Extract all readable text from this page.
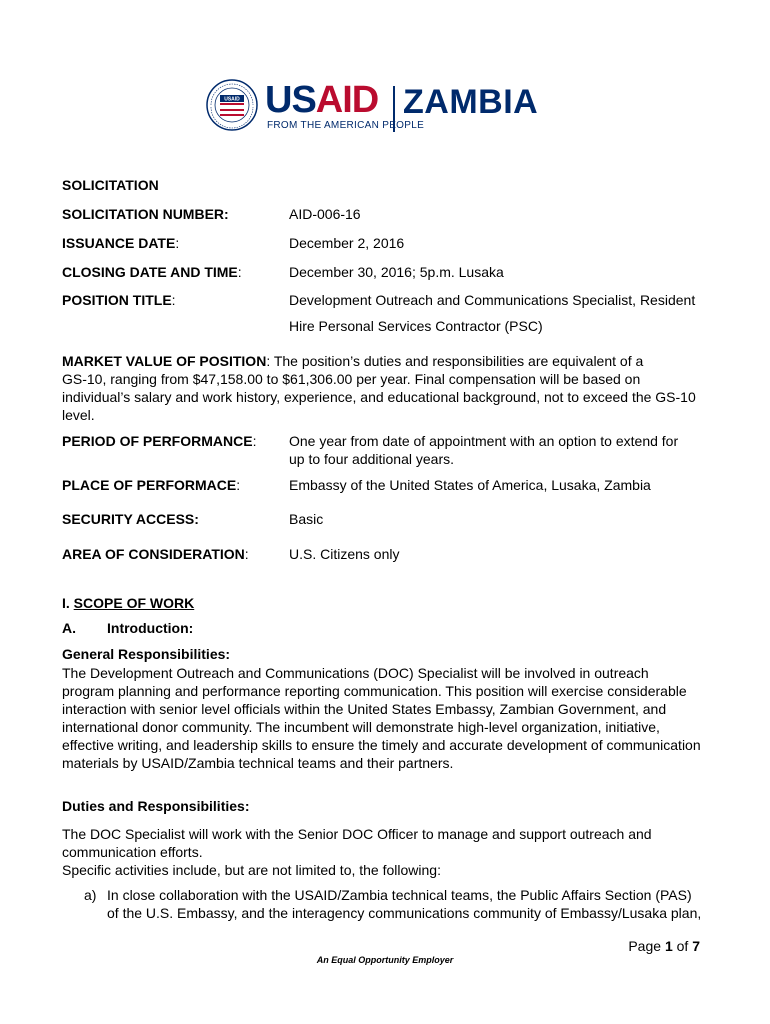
USAID USAID ZAMBIA
FROM THE AMERICAN PEOPLE
SOLICITATION
SOLICITATION NUMBER:	AID-006-16
ISSUANCE DATE:	December 2, 2016
CLOSING DATE AND TIME:	December 30, 2016; 5p.m. Lusaka
POSITION TITLE:	Development Outreach and Communications Specialist, Resident
Hire Personal Services Contractor (PSC)

MARKET VALUE OF POSITION: The position’s duties and responsibilities are equivalent of a

GS-10, ranging from $47,158.00 to $61,306.00 per year. Final compensation will be based on

individual’s salary and work history, experience, and educational background, not to exceed the GS-10

level.

PERIOD OF PERFORMANCE: One year from date of appointment with an option to extend for
up to four additional years.
PLACE OF PERFORMACE:	Embassy of the United States of America, Lusaka, Zambia
SECURITY ACCESS:	Basic
AREA OF CONSIDERATION:	U.S. Citizens only
I. SCOPE OF WORK
A. Introduction:
General Responsibilities:

The Development Outreach and Communications (DOC) Specialist will be involved in outreach

program planning and performance reporting communication. This position will exercise considerable

interaction with senior level officials within the United States Embassy, Zambian Government, and

international donor community. The incumbent will demonstrate high-level organization, initiative,

effective writing, and leadership skills to ensure the timely and accurate development of communication

materials by USAID/Zambia technical teams and their partners.

Duties and Responsibilities:

The DOC Specialist will work with the Senior DOC Officer to manage and support outreach and

communication efforts.

Specific activities include, but are not limited to, the following:

a) In close collaboration with the USAID/Zambia technical teams, the Public Affairs Section (PAS)

of the U.S. Embassy, and the interagency communications community of Embassy/Lusaka plan,

Page 1 of 7
An Equal Opportunity Employer
